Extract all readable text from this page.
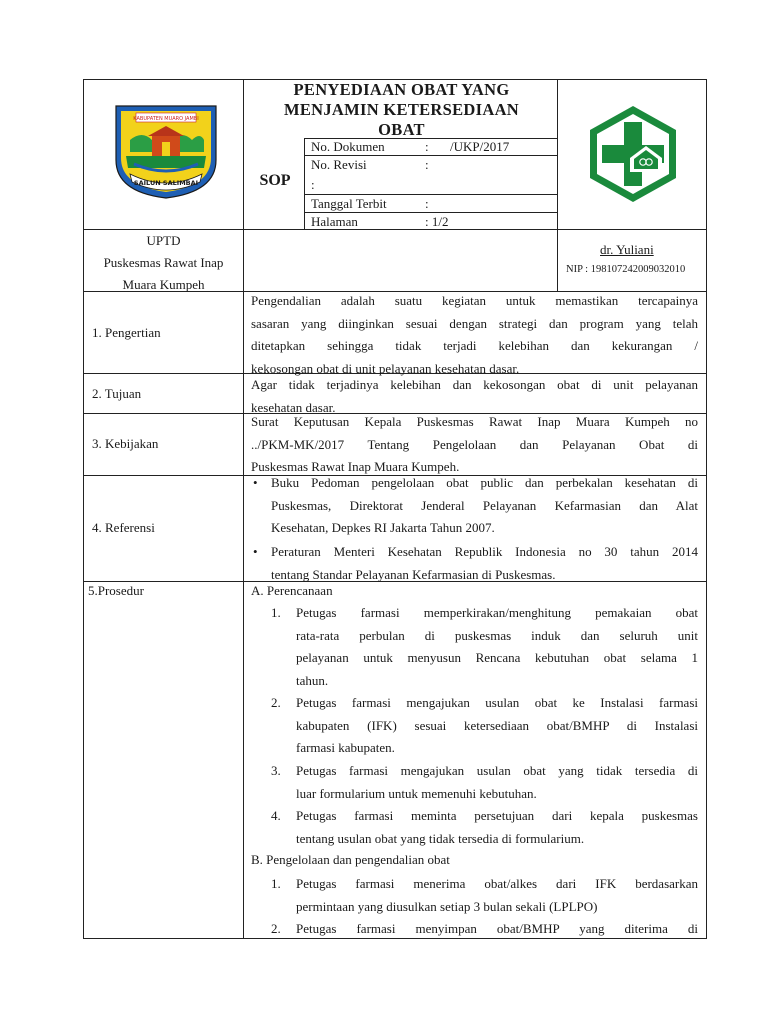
KABUPATEN MUARO JAMBI
SAILUN SALIMBAI
PENYEDIAAN OBAT YANG
MENJAMIN KETERSEDIAAN
OBAT
SOP
No. Dokumen	: /UKP/2017
No. Revisi	:
:
Tanggal Terbit	:
Halaman	: 1/2
UPTD
Puskesmas Rawat Inap
Muara Kumpeh
dr. Yuliani
NIP : 198107242009032010
1. Pengertian
Pengendalian adalah suatu kegiatan untuk memastikan tercapainya
sasaran yang diinginkan sesuai dengan strategi dan program yang telah
ditetapkan sehingga tidak terjadi kelebihan dan kekurangan /
kekosongan obat di unit pelayanan kesehatan dasar.
2. Tujuan
Agar tidak terjadinya kelebihan dan kekosongan obat di unit pelayanan
kesehatan dasar.
3. Kebijakan
Surat Keputusan Kepala Puskesmas Rawat Inap Muara Kumpeh no
../PKM-MK/2017 Tentang Pengelolaan dan Pelayanan Obat di
Puskesmas Rawat Inap Muara Kumpeh.
4. Referensi
• Buku Pedoman pengelolaan obat public dan perbekalan kesehatan di
Puskesmas, Direktorat Jenderal Pelayanan Kefarmasian dan Alat
Kesehatan, Depkes RI Jakarta Tahun 2007.
• Peraturan Menteri Kesehatan Republik Indonesia no 30 tahun 2014
tentang Standar Pelayanan Kefarmasian di Puskesmas.
5.Prosedur	A. Perencanaan
1. Petugas farmasi memperkirakan/menghitung pemakaian obat
rata-rata perbulan di puskesmas induk dan seluruh unit
pelayanan untuk menyusun Rencana kebutuhan obat selama 1
tahun.
2. Petugas farmasi mengajukan usulan obat ke Instalasi farmasi
kabupaten (IFK) sesuai ketersediaan obat/BMHP di Instalasi
farmasi kabupaten.
3. Petugas farmasi mengajukan usulan obat yang tidak tersedia di
luar formularium untuk memenuhi kebutuhan.
4. Petugas farmasi meminta persetujuan dari kepala puskesmas
tentang usulan obat yang tidak tersedia di formularium.
B. Pengelolaan dan pengendalian obat
1. Petugas farmasi menerima obat/alkes dari IFK berdasarkan
permintaan yang diusulkan setiap 3 bulan sekali (LPLPO)
2. Petugas farmasi menyimpan obat/BMHP yang diterima di
